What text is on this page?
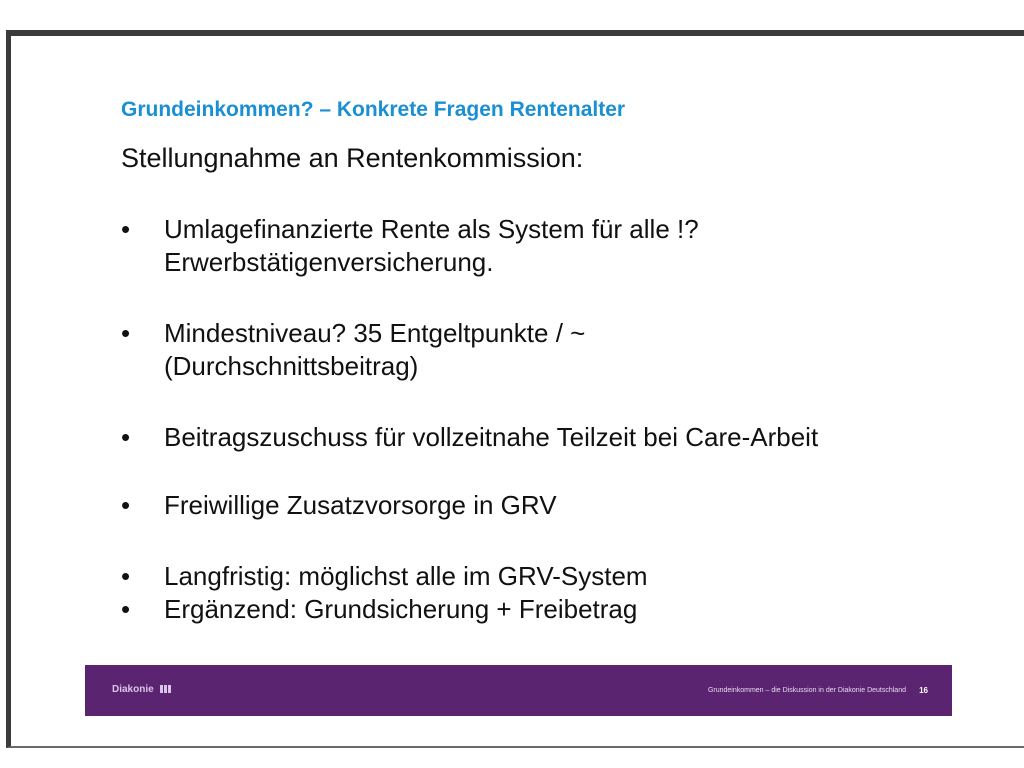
Grundeinkommen? – Konkrete Fragen Rentenalter
Stellungnahme an Rentenkommission:
•	Umlagefinanzierte Rente als System für alle !?
Erwerbstätigenversicherung.
•	Mindestniveau? 35 Entgeltpunkte / ~
(Durchschnittsbeitrag)
•	Beitragszuschuss für vollzeitnahe Teilzeit bei Care-Arbeit
•	Freiwillige Zusatzvorsorge in GRV
•	Langfristig: möglichst alle im GRV-System
•	Ergänzend: Grundsicherung + Freibetrag
Diakonie	Grundeinkommen – die Diskussion in der Diakonie Deutschland 16
